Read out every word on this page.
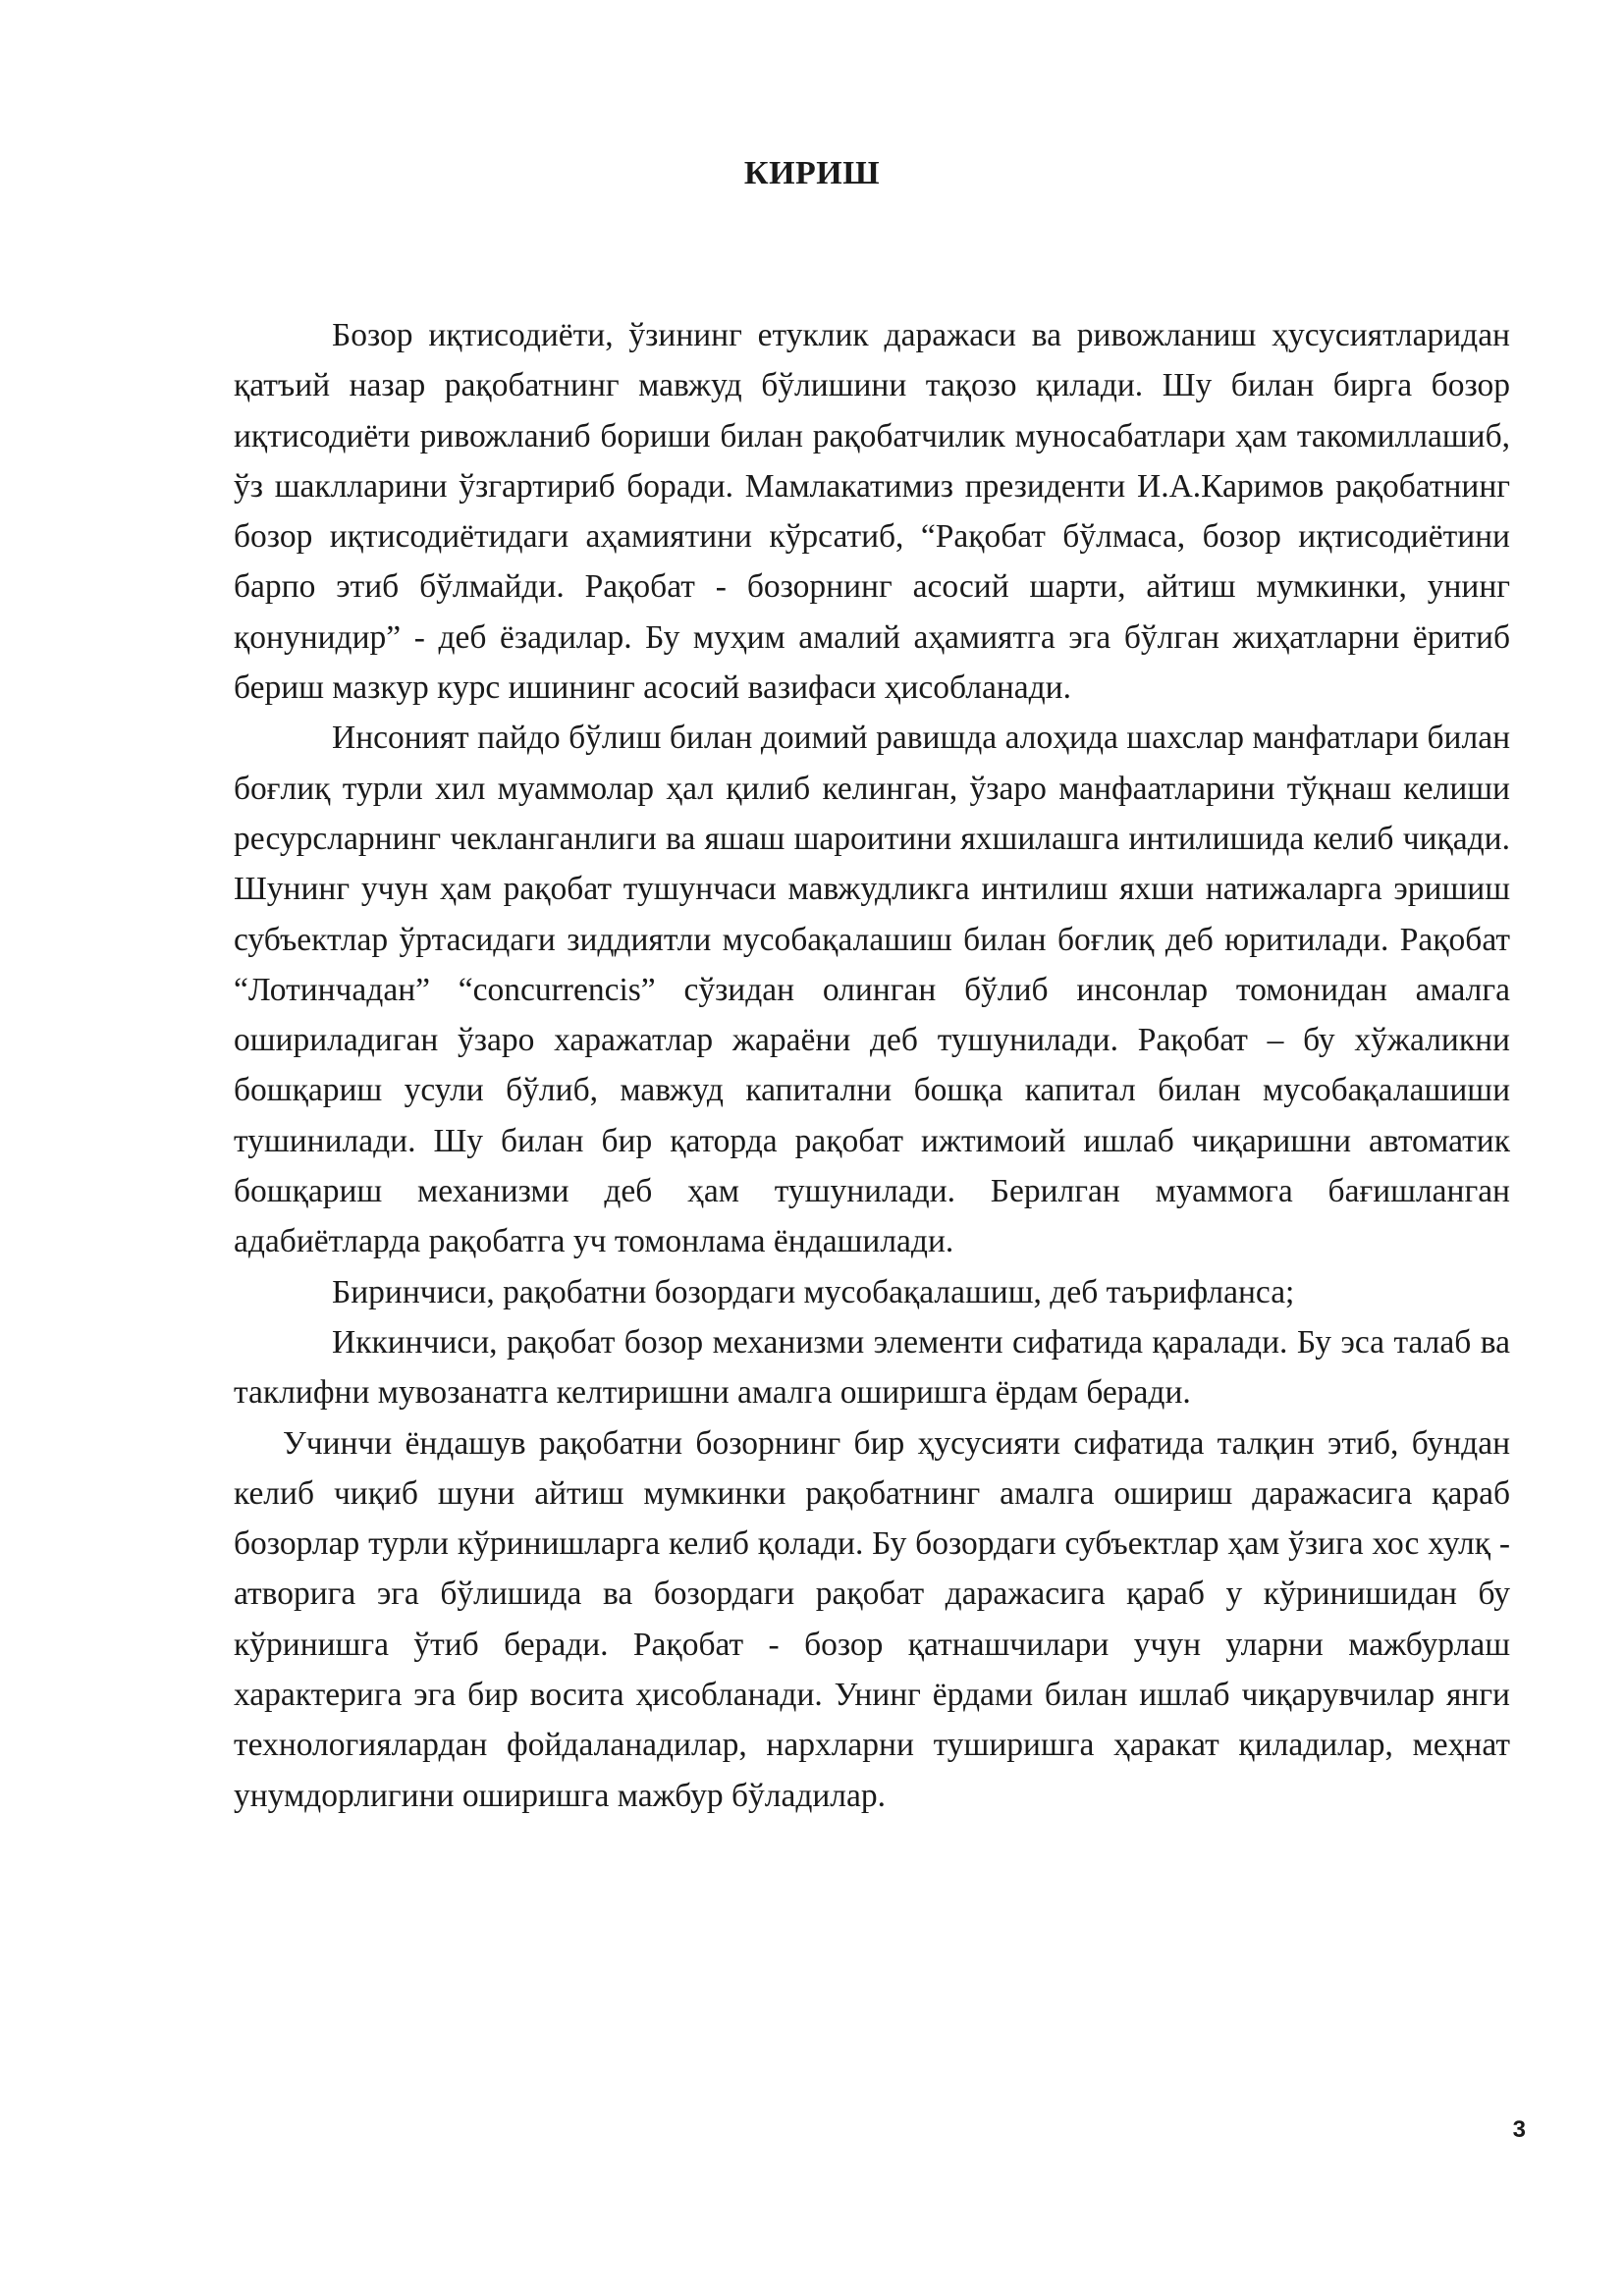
КИРИШ

Бозор иқтисодиёти, ўзининг етуклик даражаси ва ривожланиш ҳусусиятларидан қатъий назар рақобатнинг мавжуд бўлишини тақозо қилади. Шу билан бирга бозор иқтисодиёти ривожланиб бориши билан рақобатчилик муносабатлари ҳам такомиллашиб, ўз шаклларини ўзгартириб боради. Мамлакатимиз президенти И.А.Каримов рақобатнинг бозор иқтисодиётидаги аҳамиятини кўрсатиб, “Рақобат бўлмаса, бозор иқтисодиётини барпо этиб бўлмайди. Рақобат - бозорнинг асосий шарти, айтиш мумкинки, унинг қонунидир” - деб ёзадилар. Бу муҳим амалий аҳамиятга эга бўлган жиҳатларни ёритиб бериш мазкур курс ишининг асосий вазифаси ҳисобланади.

Инсоният пайдо бўлиш билан доимий равишда алоҳида шахслар манфатлари билан боғлиқ турли хил муаммолар ҳал қилиб келинган, ўзаро манфаатларини тўқнаш келиши ресурсларнинг чекланганлиги ва яшаш шароитини яхшилашга интилишида келиб чиқади. Шунинг учун ҳам рақобат тушунчаси мавжудликга интилиш яхши натижаларга эришиш субъектлар ўртасидаги зиддиятли мусобақалашиш билан боғлиқ деб юритилади. Рақобат “Лотинчадан” “concurrencis” сўзидан олинган бўлиб инсонлар томонидан амалга ошириладиган ўзаро харажатлар жараёни деб тушунилади. Рақобат – бу хўжаликни бошқариш усули бўлиб, мавжуд капитални бошқа капитал билан мусобақалашиши тушинилади. Шу билан бир қаторда рақобат ижтимоий ишлаб чиқаришни автоматик бошқариш механизми деб ҳам тушунилади. Берилган муаммога бағишланган адабиётларда рақобатга уч томонлама ёндашилади.

Биринчиси, рақобатни бозордаги мусобақалашиш, деб таърифланса;

Иккинчиси, рақобат бозор механизми элементи сифатида қаралади. Бу эса талаб ва таклифни мувозанатга келтиришни амалга оширишга ёрдам беради.

Учинчи ёндашув рақобатни бозорнинг бир ҳусусияти сифатида талқин этиб, бундан келиб чиқиб шуни айтиш мумкинки рақобатнинг амалга ошириш даражасига қараб бозорлар турли кўринишларга келиб қолади. Бу бозордаги субъектлар ҳам ўзига хос хулқ - атворига эга бўлишида ва бозордаги рақобат даражасига қараб у кўринишидан бу кўринишга ўтиб беради. Рақобат - бозор қатнашчилари учун уларни мажбурлаш характерига эга бир восита ҳисобланади. Унинг ёрдами билан ишлаб чиқарувчилар янги технологиялардан фойдаланадилар, нархларни туширишга ҳаракат қиладилар, меҳнат унумдорлигини оширишга мажбур бўладилар.

3
